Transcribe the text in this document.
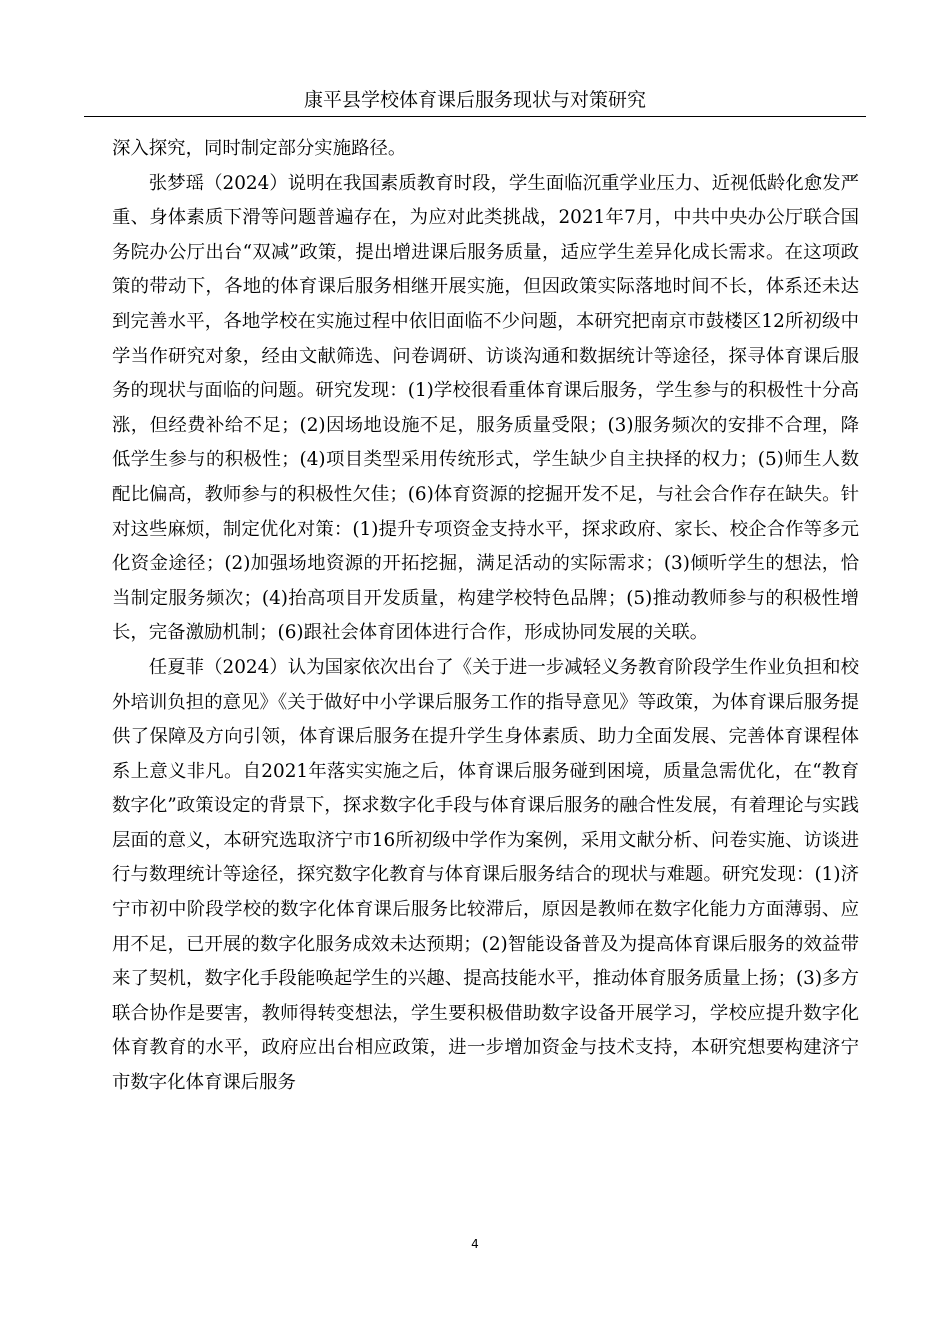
康平县学校体育课后服务现状与对策研究

深入探究，同时制定部分实施路径。

张梦瑶（2024）说明在我国素质教育时段，学生面临沉重学业压力、近视低龄化愈发严重、身体素质下滑等问题普遍存在，为应对此类挑战，2021年7月，中共中央办公厅联合国务院办公厅出台“双减”政策，提出增进课后服务质量，适应学生差异化成长需求。在这项政策的带动下，各地的体育课后服务相继开展实施，但因政策实际落地时间不长，体系还未达到完善水平，各地学校在实施过程中依旧面临不少问题，本研究把南京市鼓楼区12所初级中学当作研究对象，经由文献筛选、问卷调研、访谈沟通和数据统计等途径，探寻体育课后服务的现状与面临的问题。研究发现：(1)学校很看重体育课后服务，学生参与的积极性十分高涨，但经费补给不足；(2)因场地设施不足，服务质量受限；(3)服务频次的安排不合理，降低学生参与的积极性；(4)项目类型采用传统形式，学生缺少自主抉择的权力；(5)师生人数配比偏高，教师参与的积极性欠佳；(6)体育资源的挖掘开发不足，与社会合作存在缺失。针对这些麻烦，制定优化对策：(1)提升专项资金支持水平，探求政府、家长、校企合作等多元化资金途径；(2)加强场地资源的开拓挖掘，满足活动的实际需求；(3)倾听学生的想法，恰当制定服务频次；(4)抬高项目开发质量，构建学校特色品牌；(5)推动教师参与的积极性增长，完备激励机制；(6)跟社会体育团体进行合作，形成协同发展的关联。

任夏菲（2024）认为国家依次出台了《关于进一步减轻义务教育阶段学生作业负担和校外培训负担的意见》《关于做好中小学课后服务工作的指导意见》等政策，为体育课后服务提供了保障及方向引领，体育课后服务在提升学生身体素质、助力全面发展、完善体育课程体系上意义非凡。自2021年落实实施之后，体育课后服务碰到困境，质量急需优化，在“教育数字化”政策设定的背景下，探求数字化手段与体育课后服务的融合性发展，有着理论与实践层面的意义，本研究选取济宁市16所初级中学作为案例，采用文献分析、问卷实施、访谈进行与数理统计等途径，探究数字化教育与体育课后服务结合的现状与难题。研究发现：(1)济宁市初中阶段学校的数字化体育课后服务比较滞后，原因是教师在数字化能力方面薄弱、应用不足，已开展的数字化服务成效未达预期；(2)智能设备普及为提高体育课后服务的效益带来了契机，数字化手段能唤起学生的兴趣、提高技能水平，推动体育服务质量上扬；(3)多方联合协作是要害，教师得转变想法，学生要积极借助数字设备开展学习，学校应提升数字化体育教育的水平，政府应出台相应政策，进一步增加资金与技术支持，本研究想要构建济宁市数字化体育课后服务

4
